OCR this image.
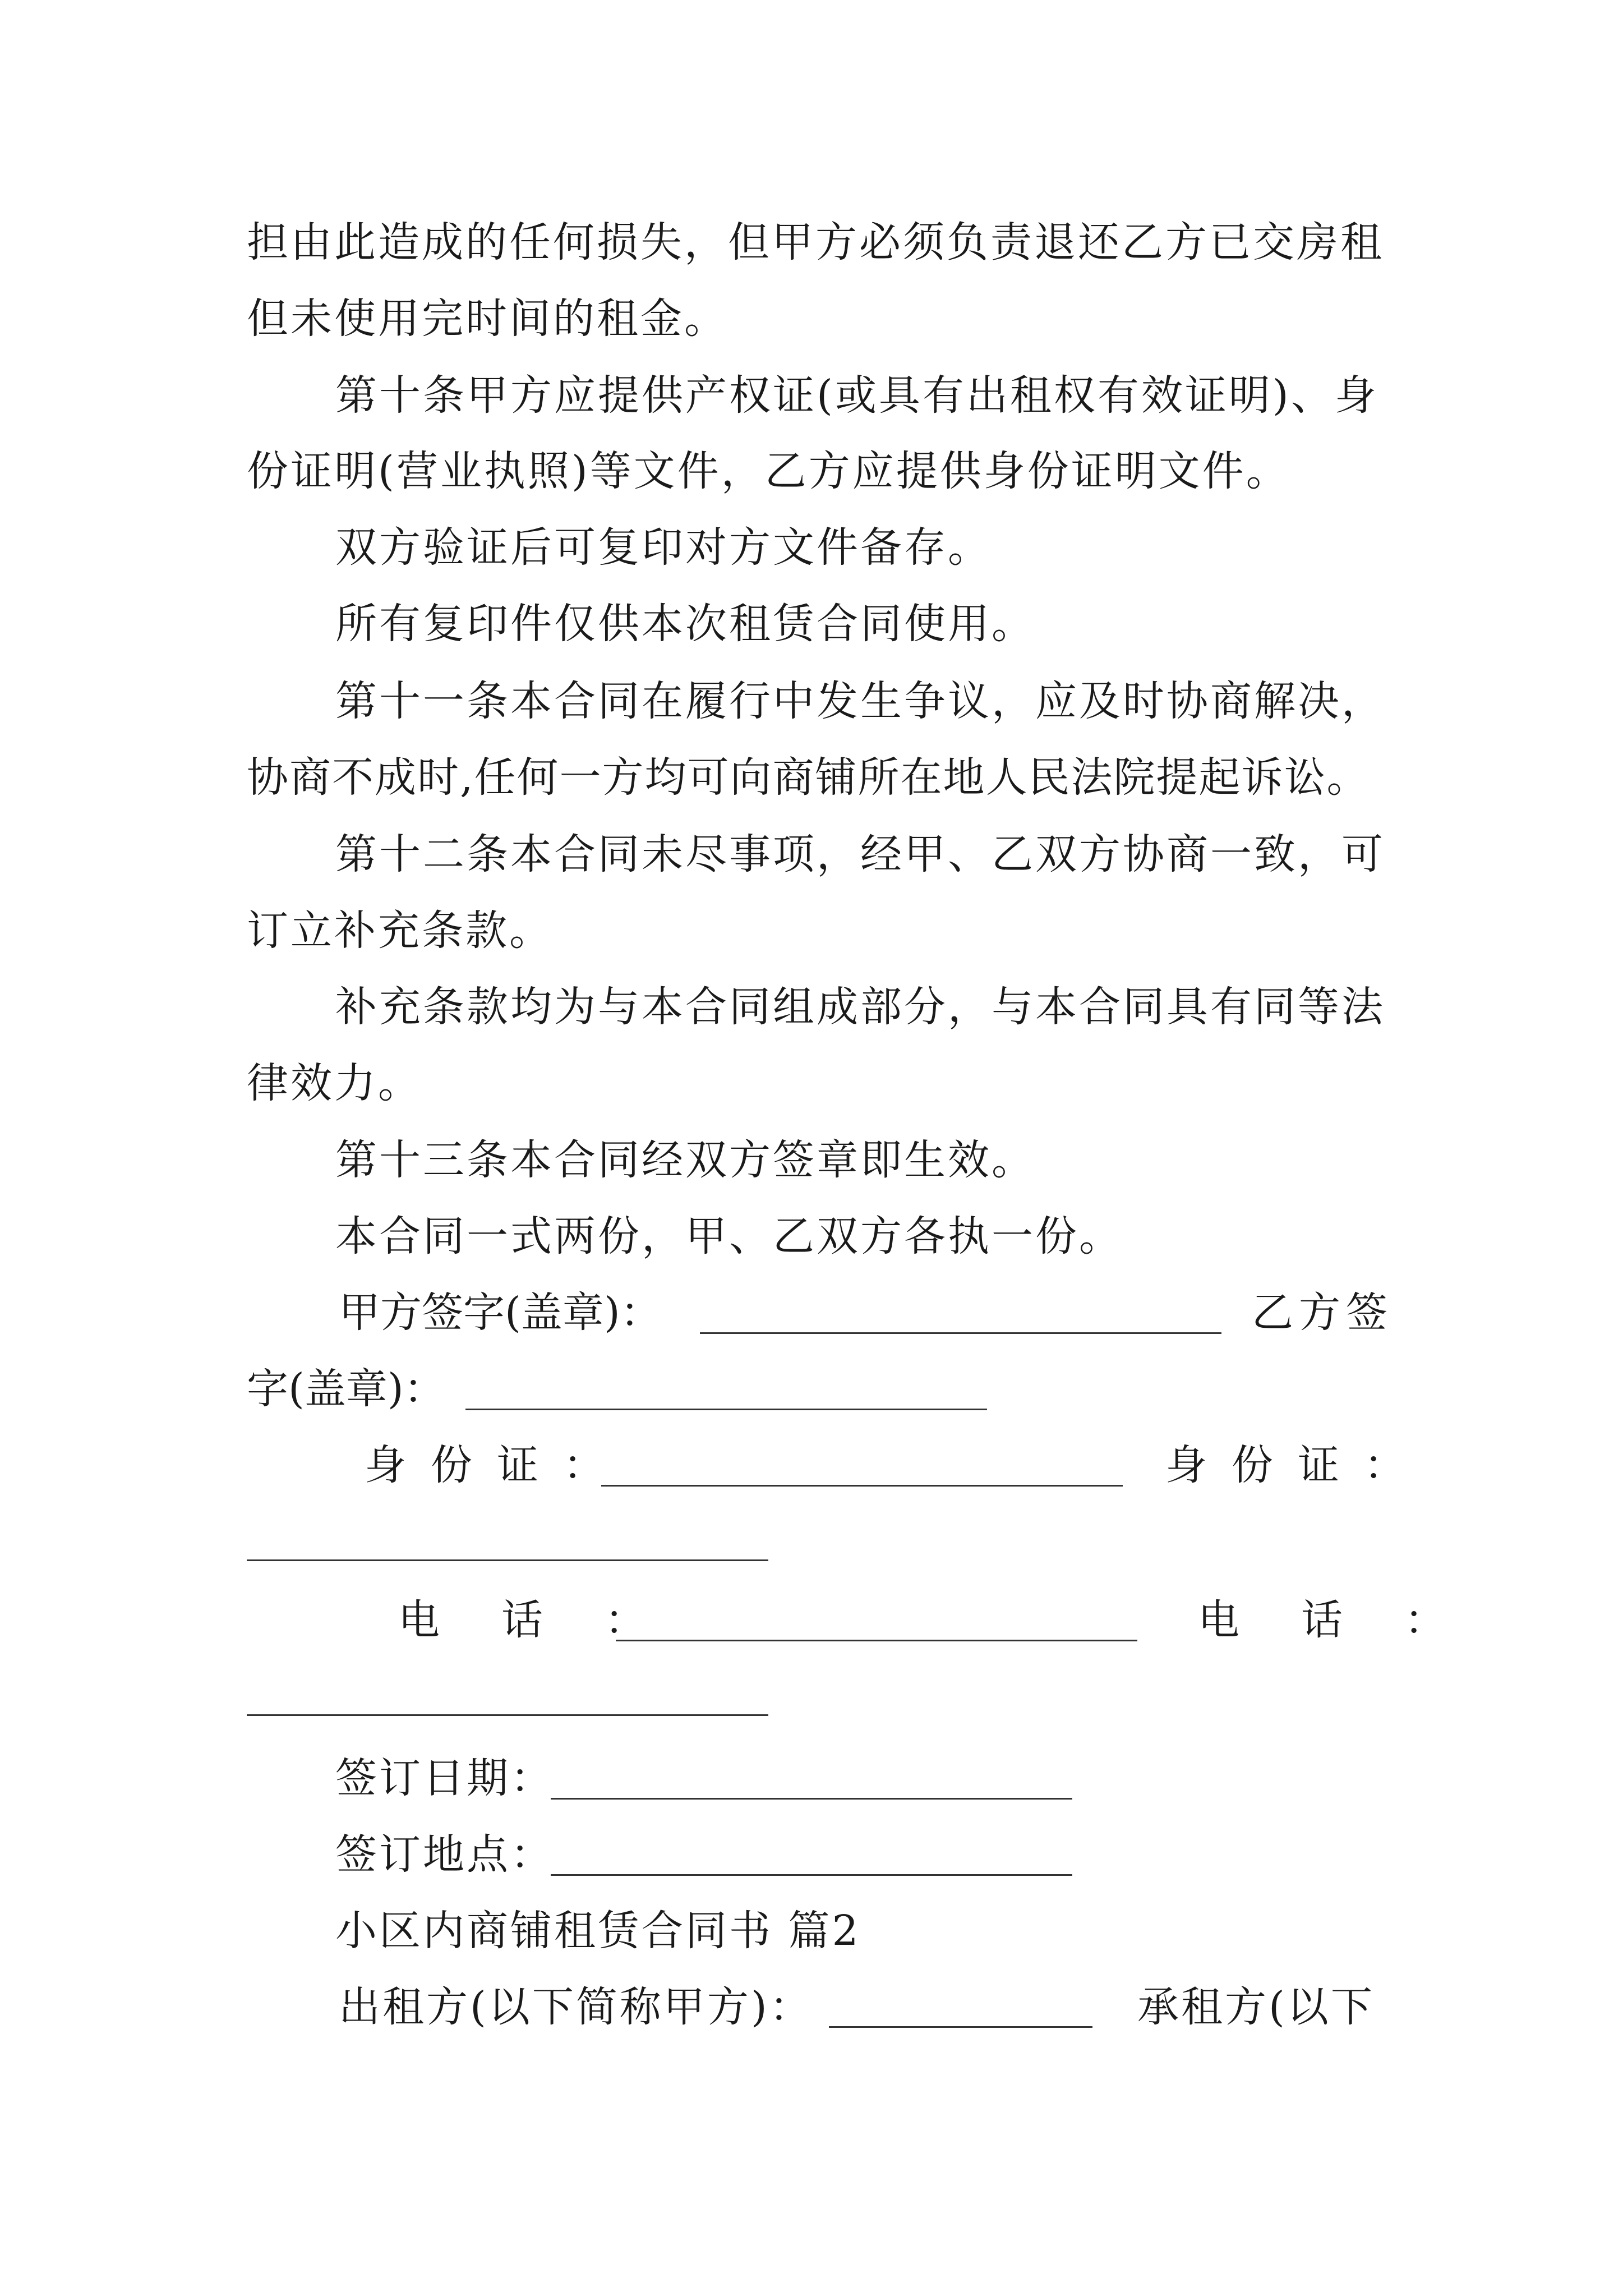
担由此造成的任何损失，但甲方必须负责退还乙方已交房租
但未使用完时间的租金。
第十条甲方应提供产权证(或具有出租权有效证明)、身
份证明(营业执照)等文件，乙方应提供身份证明文件。
双方验证后可复印对方文件备存。
所有复印件仅供本次租赁合同使用。
第十一条本合同在履行中发生争议，应及时协商解决，
协商不成时,任何一方均可向商铺所在地人民法院提起诉讼。
第十二条本合同未尽事项，经甲、乙双方协商一致，可
订立补充条款。
补充条款均为与本合同组成部分，与本合同具有同等法
律效力。
第十三条本合同经双方签章即生效。
本合同一式两份，甲、乙双方各执一份。
甲方签字(盖章)：	乙方签
字(盖章)：
身份证：	身份证：
电话：	电话：
签订日期：
签订地点：
小区内商铺租赁合同书 篇2
出租方(以下简称甲方)：	承租方(以下
